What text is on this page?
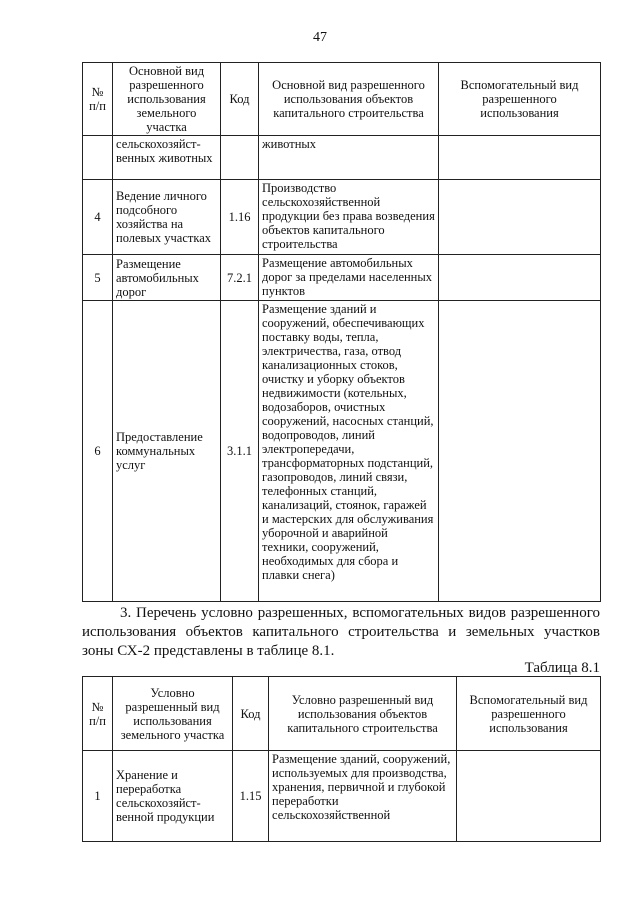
47
№ п/п	Основной вид разрешенного использования земельного участка	Код	Основной вид разрешенного использования объектов капитального строительства	Вспомогательный вид разрешенного использования
	сельскохозяйст-венных животных		животных	
4	Ведение личного подсобного хозяйства на полевых участках	1.16	Производство сельскохозяйственной продукции без права возведения объектов капитального строительства	
5	Размещение автомобильных дорог	7.2.1	Размещение автомобильных дорог за пределами населенных пунктов	
6	Предоставление коммунальных услуг	3.1.1	Размещение зданий и сооружений, обеспечивающих поставку воды, тепла, электричества, газа, отвод канализационных стоков, очистку и уборку объектов недвижимости (котельных, водозаборов, очистных сооружений, насосных станций, водопроводов, линий электропередачи, трансформаторных подстанций, газопроводов, линий связи, телефонных станций, канализаций, стоянок, гаражей и мастерских для обслуживания уборочной и аварийной техники, сооружений, необходимых для сбора и плавки снега)	
3. Перечень условно разрешенных, вспомогательных видов разрешенного использования объектов капитального строительства и земельных участков зоны СХ-2 представлены в таблице 8.1.
Таблица 8.1
№ п/п	Условно разрешенный вид использования земельного участка	Код	Условно разрешенный вид использования объектов капитального строительства	Вспомогательный вид разрешенного использования
1	Хранение и переработка сельскохозяйст-венной продукции	1.15	Размещение зданий, сооружений, используемых для производства, хранения, первичной и глубокой переработки сельскохозяйственной	
